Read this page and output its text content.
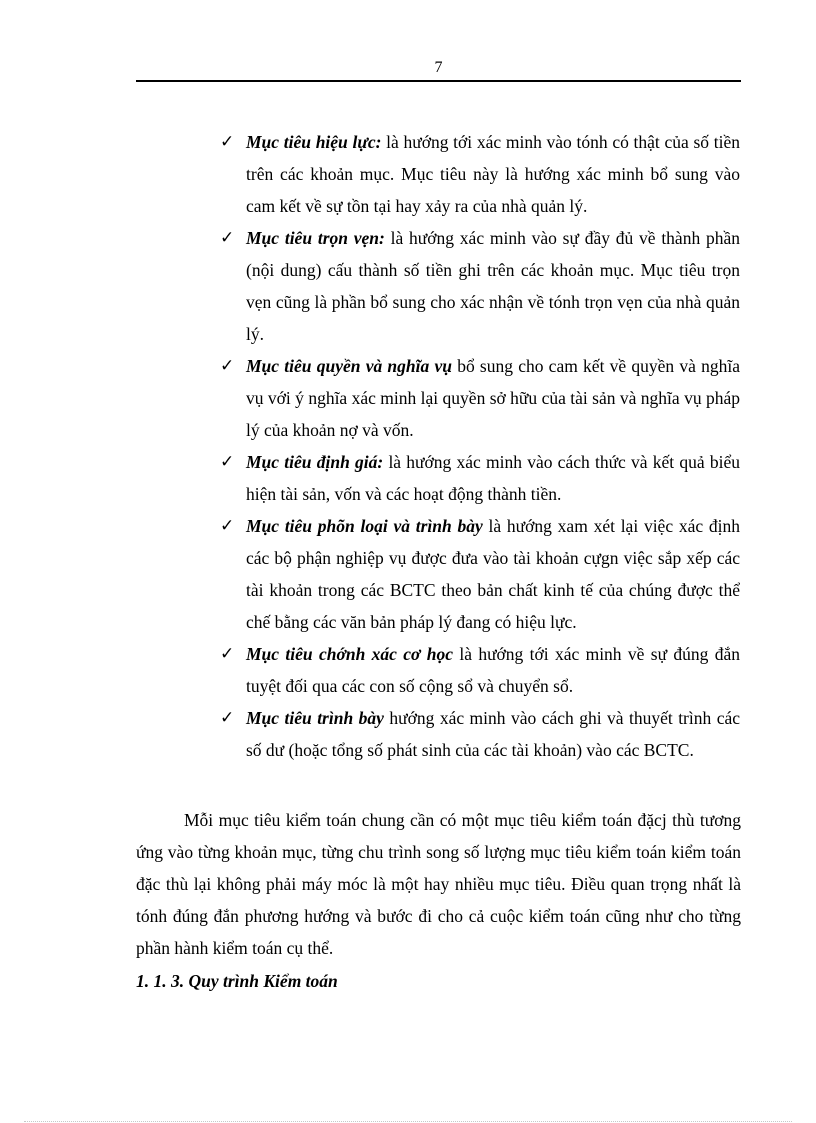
7
✓ Mục tiêu hiệu lực: là hướng tới xác minh vào tónh có thật của số tiền trên các khoản mục. Mục tiêu này là hướng xác minh bổ sung vào cam kết về sự tồn tại hay xảy ra của nhà quản lý.
✓ Mục tiêu trọn vẹn: là hướng xác minh vào sự đầy đủ về thành phần (nội dung) cấu thành số tiền ghi trên các khoản mục. Mục tiêu trọn vẹn cũng là phần bổ sung cho xác nhận về tónh trọn vẹn của nhà quản lý.
✓ Mục tiêu quyền và nghĩa vụ bổ sung cho cam kết về quyền và nghĩa vụ với ý nghĩa xác minh lại quyền sở hữu của tài sản và nghĩa vụ pháp lý của khoản nợ và vốn.
✓ Mục tiêu định giá: là hướng xác minh vào cách thức và kết quả biểu hiện tài sản, vốn và các hoạt động thành tiền.
✓ Mục tiêu phõn loại và trình bày là hướng xam xét lại việc xác định các bộ phận nghiệp vụ được đưa vào tài khoản cựgn việc sắp xếp các tài khoản trong các BCTC theo bản chất kinh tế của chúng được thể chế bằng các văn bản pháp lý đang có hiệu lực.
✓ Mục tiêu chớnh xác cơ học là hướng tới xác minh về sự đúng đắn tuyệt đối qua các con số cộng sổ và chuyển sổ.
✓ Mục tiêu trình bày hướng xác minh vào cách ghi và thuyết trình các số dư (hoặc tổng số phát sinh của các tài khoản) vào các BCTC.

Mỗi mục tiêu kiểm toán chung cần có một mục tiêu kiểm toán đặcj thù tương ứng vào từng khoản mục, từng chu trình song số lượng mục tiêu kiểm toán kiểm toán đặc thù lại không phải máy móc là một hay nhiều mục tiêu. Điều quan trọng nhất là tónh đúng đắn phương hướng và bước đi cho cả cuộc kiểm toán cũng như cho từng phần hành kiểm toán cụ thể.

1. 1. 3. Quy trình Kiểm toán
